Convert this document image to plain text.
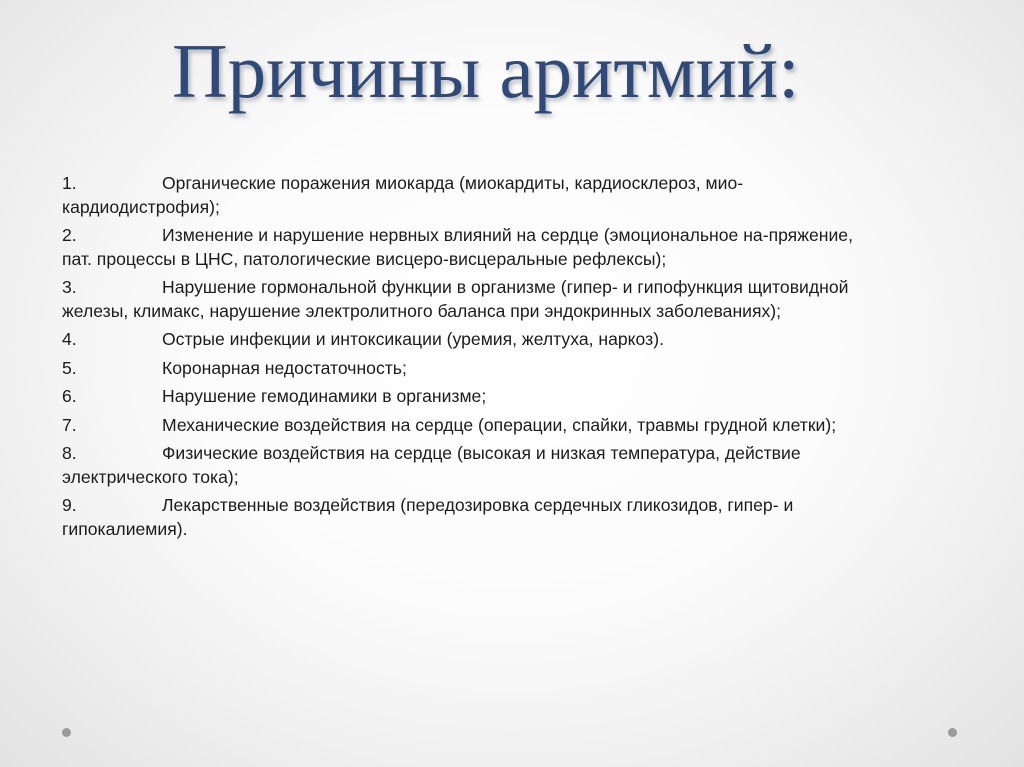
Причины аритмий:
1.	Органические поражения миокарда (миокардиты, кардиосклероз, мио-
кардиодистрофия);
2.	Изменение и нарушение нервных влияний на сердце (эмоциональное на-пряжение,
пат. процессы в ЦНС, патологические висцеро-висцеральные рефлексы);
3.	Нарушение гормональной функции в организме (гипер- и гипофункция щитовидной
железы, климакс, нарушение электролитного баланса при эндокринных заболеваниях);
4.	Острые инфекции и интоксикации (уремия, желтуха, наркоз).
5.	Коронарная недостаточность;
6.	Нарушение гемодинамики в организме;
7.	Механические воздействия на сердце (операции, спайки, травмы грудной клетки);
8.	Физические воздействия на сердце (высокая и низкая температура, действие
электрического тока);
9.	Лекарственные воздействия (передозировка сердечных гликозидов, гипер- и
гипокалиемия).
